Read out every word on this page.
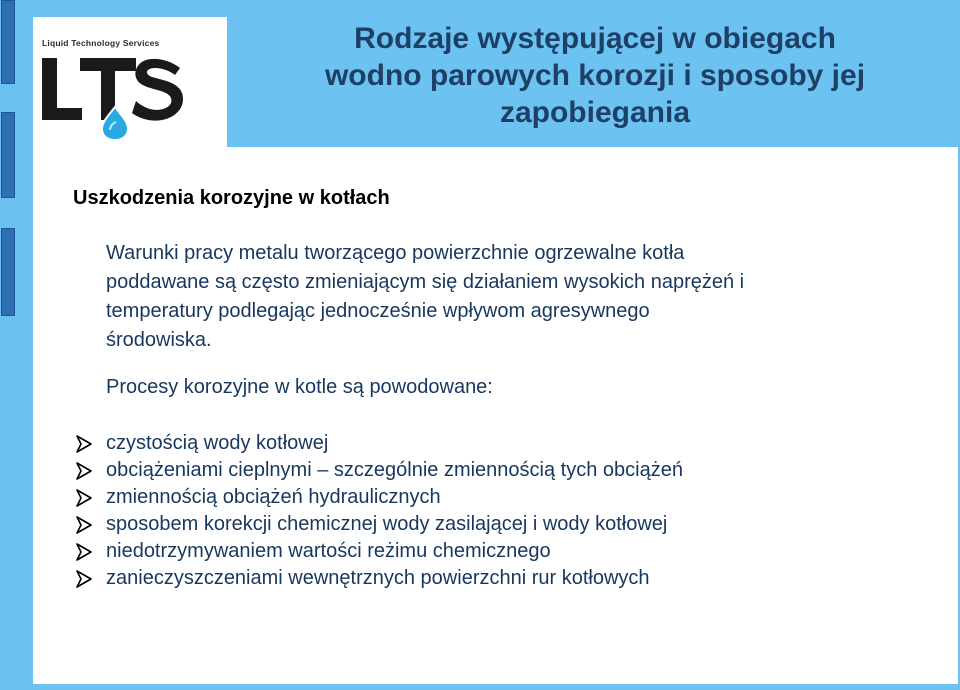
Liquid Technology Services	Rodzaje występującej w obiegach
wodno parowych korozji i sposoby jej
zapobiegania
Uszkodzenia korozyjne w kotłach
Warunki pracy metalu tworzącego powierzchnie ogrzewalne kotła
poddawane są często zmieniającym się działaniem wysokich naprężeń i
temperatury podlegając jednocześnie wpływom agresywnego
środowiska.
Procesy korozyjne w kotle są powodowane:
czystością wody kotłowej
obciążeniami cieplnymi – szczególnie zmiennością tych obciążeń
zmiennością obciążeń hydraulicznych
sposobem korekcji chemicznej wody zasilającej i wody kotłowej
niedotrzymywaniem wartości reżimu chemicznego
zanieczyszczeniami wewnętrznych powierzchni rur kotłowych
